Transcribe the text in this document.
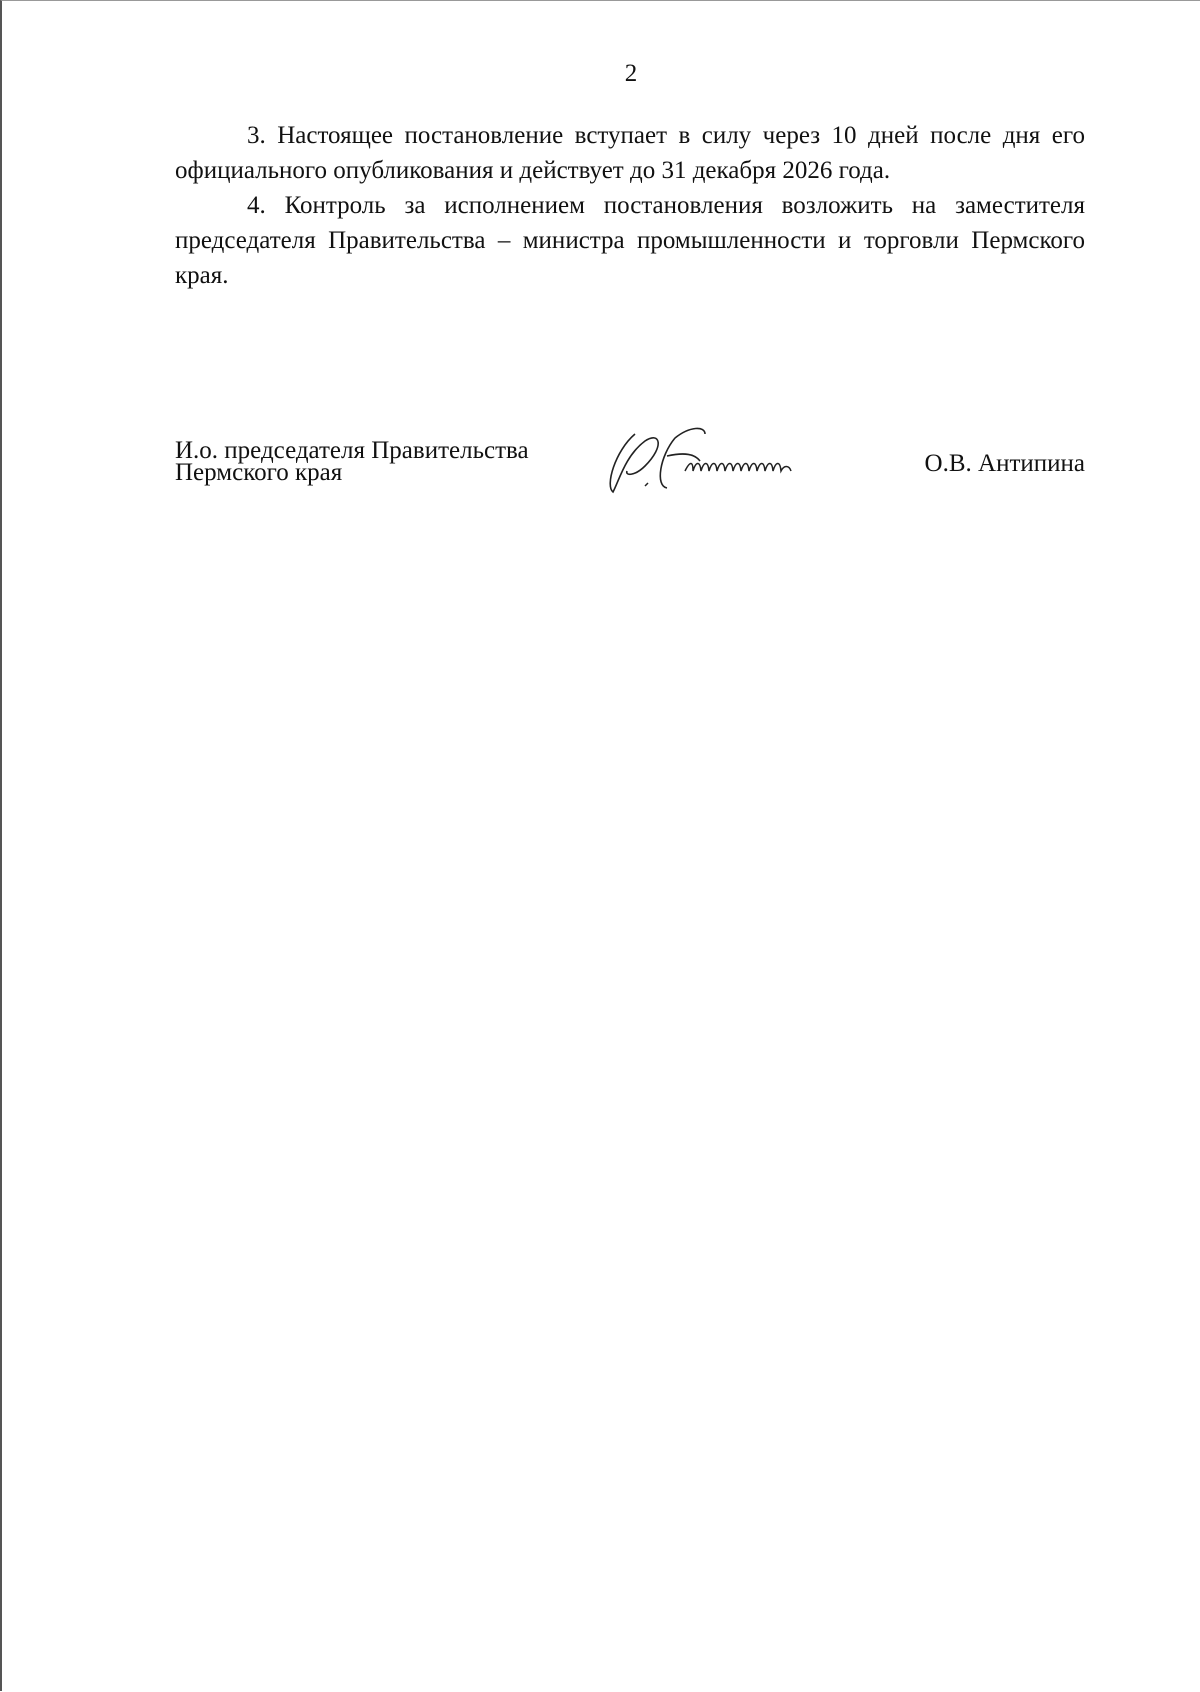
2

3. Настоящее постановление вступает в силу через 10 дней после дня его официального опубликования и действует до 31 декабря 2026 года.

4. Контроль за исполнением постановления возложить на заместителя председателя Правительства – министра промышленности и торговли Пермского края.

И.о. председателя Правительства
Пермского края	О.В. Антипина
